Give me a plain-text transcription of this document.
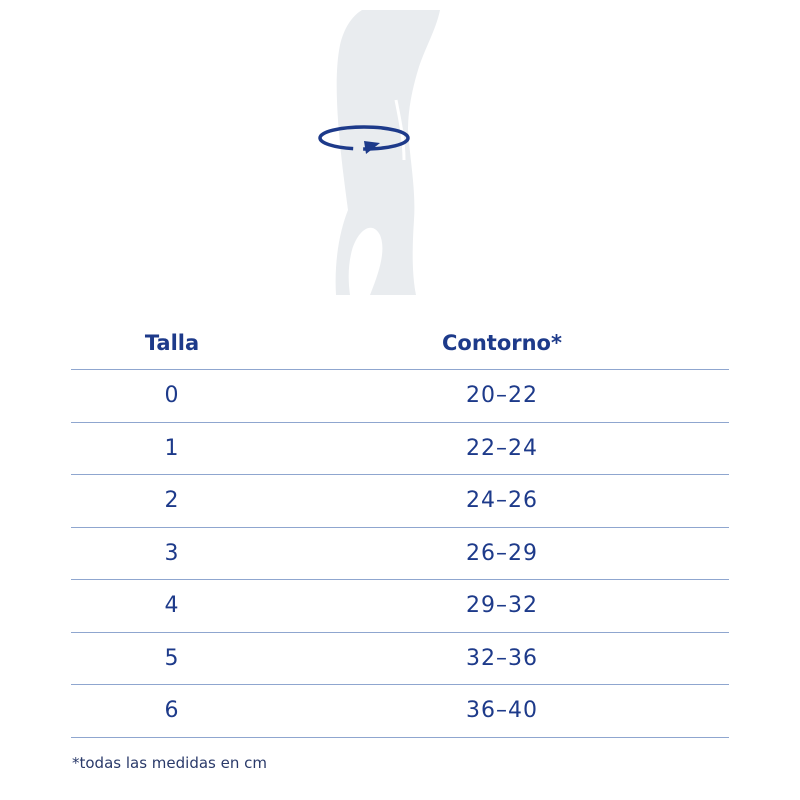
Talla	Contorno*
0	20–22
1	22–24
2	24–26
3	26–29
4	29–32
5	32–36
6	36–40
*todas las medidas en cm
